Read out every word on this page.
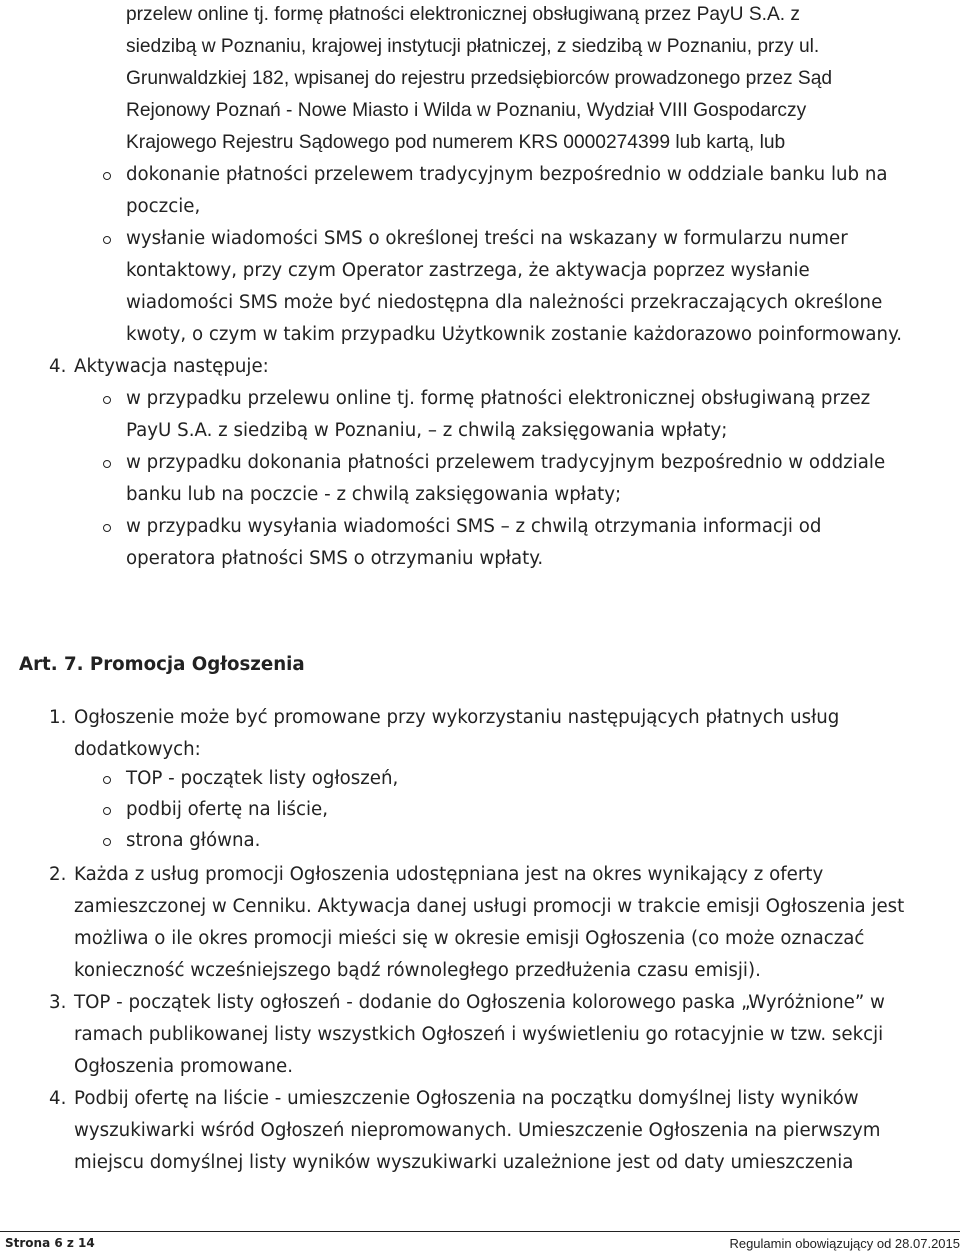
przelew online tj. formę płatności elektronicznej obsługiwaną przez PayU S.A. z
siedzibą w Poznaniu, krajowej instytucji płatniczej, z siedzibą w Poznaniu, przy ul.
Grunwaldzkiej 182, wpisanej do rejestru przedsiębiorców prowadzonego przez Sąd
Rejonowy Poznań - Nowe Miasto i Wilda w Poznaniu, Wydział VIII Gospodarczy
Krajowego Rejestru Sądowego pod numerem KRS 0000274399 lub kartą, lub
dokonanie płatności przelewem tradycyjnym bezpośrednio w oddziale banku lub na
poczcie,
wysłanie wiadomości SMS o określonej treści na wskazany w formularzu numer
kontaktowy, przy czym Operator zastrzega, że aktywacja poprzez wysłanie
wiadomości SMS może być niedostępna dla należności przekraczających określone
kwoty, o czym w takim przypadku Użytkownik zostanie każdorazowo poinformowany.
4. Aktywacja następuje:
w przypadku przelewu online tj. formę płatności elektronicznej obsługiwaną przez
PayU S.A. z siedzibą w Poznaniu, – z chwilą zaksięgowania wpłaty;
w przypadku dokonania płatności przelewem tradycyjnym bezpośrednio w oddziale
banku lub na poczcie - z chwilą zaksięgowania wpłaty;
w przypadku wysyłania wiadomości SMS – z chwilą otrzymania informacji od
operatora płatności SMS o otrzymaniu wpłaty.
Art. 7. Promocja Ogłoszenia
1. Ogłoszenie może być promowane przy wykorzystaniu następujących płatnych usług
dodatkowych:
TOP - początek listy ogłoszeń,
podbij ofertę na liście,
strona główna.
2. Każda z usług promocji Ogłoszenia udostępniana jest na okres wynikający z oferty
zamieszczonej w Cenniku. Aktywacja danej usługi promocji w trakcie emisji Ogłoszenia jest
możliwa o ile okres promocji mieści się w okresie emisji Ogłoszenia (co może oznaczać
konieczność wcześniejszego bądź równoległego przedłużenia czasu emisji).
3. TOP - początek listy ogłoszeń - dodanie do Ogłoszenia kolorowego paska „Wyróżnione” w
ramach publikowanej listy wszystkich Ogłoszeń i wyświetleniu go rotacyjnie w tzw. sekcji
Ogłoszenia promowane.
4. Podbij ofertę na liście - umieszczenie Ogłoszenia na początku domyślnej listy wyników
wyszukiwarki wśród Ogłoszeń niepromowanych. Umieszczenie Ogłoszenia na pierwszym
miejscu domyślnej listy wyników wyszukiwarki uzależnione jest od daty umieszczenia
Strona 6 z 14	Regulamin obowiązujący od 28.07.2015
